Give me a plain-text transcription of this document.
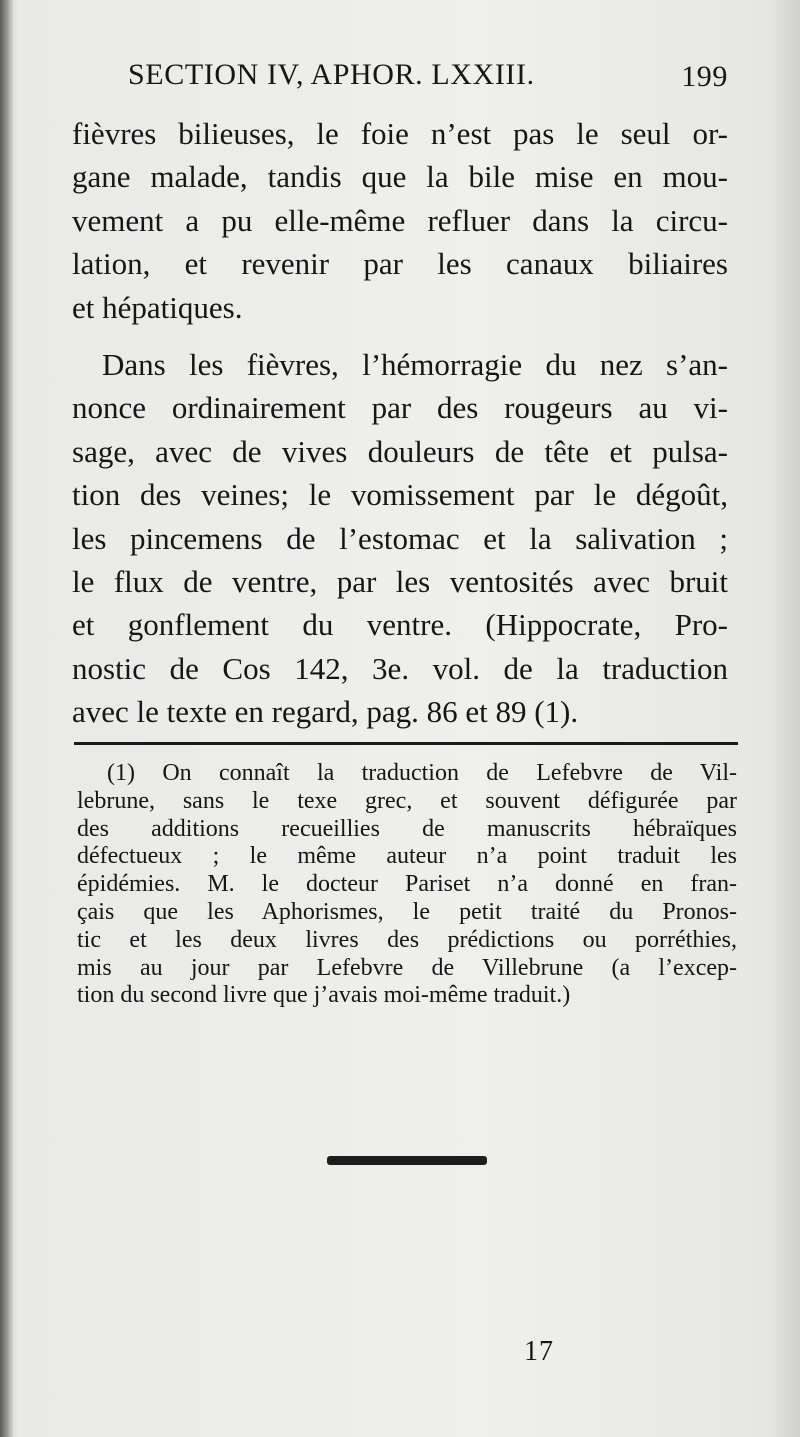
SECTION IV, APHOR. LXXIII.	199
fièvres bilieuses, le foie n’est pas le seul or-
gane malade, tandis que la bile mise en mou-
vement a pu elle-même refluer dans la circu-
lation, et revenir par les canaux biliaires
et hépatiques.
Dans les fièvres, l’hémorragie du nez s’an-
nonce ordinairement par des rougeurs au vi-
sage, avec de vives douleurs de tête et pulsa-
tion des veines; le vomissement par le dégoût,
les pincemens de l’estomac et la salivation ;
le flux de ventre, par les ventosités avec bruit
et gonflement du ventre. (Hippocrate, Pro-
nostic de Cos 142, 3e. vol. de la traduction
avec le texte en regard, pag. 86 et 89 (1).
(1) On connaît la traduction de Lefebvre de Vil-
lebrune, sans le texe grec, et souvent défigurée par
des additions recueillies de manuscrits hébraïques
défectueux ; le même auteur n’a point traduit les
épidémies. M. le docteur Pariset n’a donné en fran-
çais que les Aphorismes, le petit traité du Pronos-
tic et les deux livres des prédictions ou porréthies,
mis au jour par Lefebvre de Villebrune (a l’excep-
tion du second livre que j’avais moi-même traduit.)
17
